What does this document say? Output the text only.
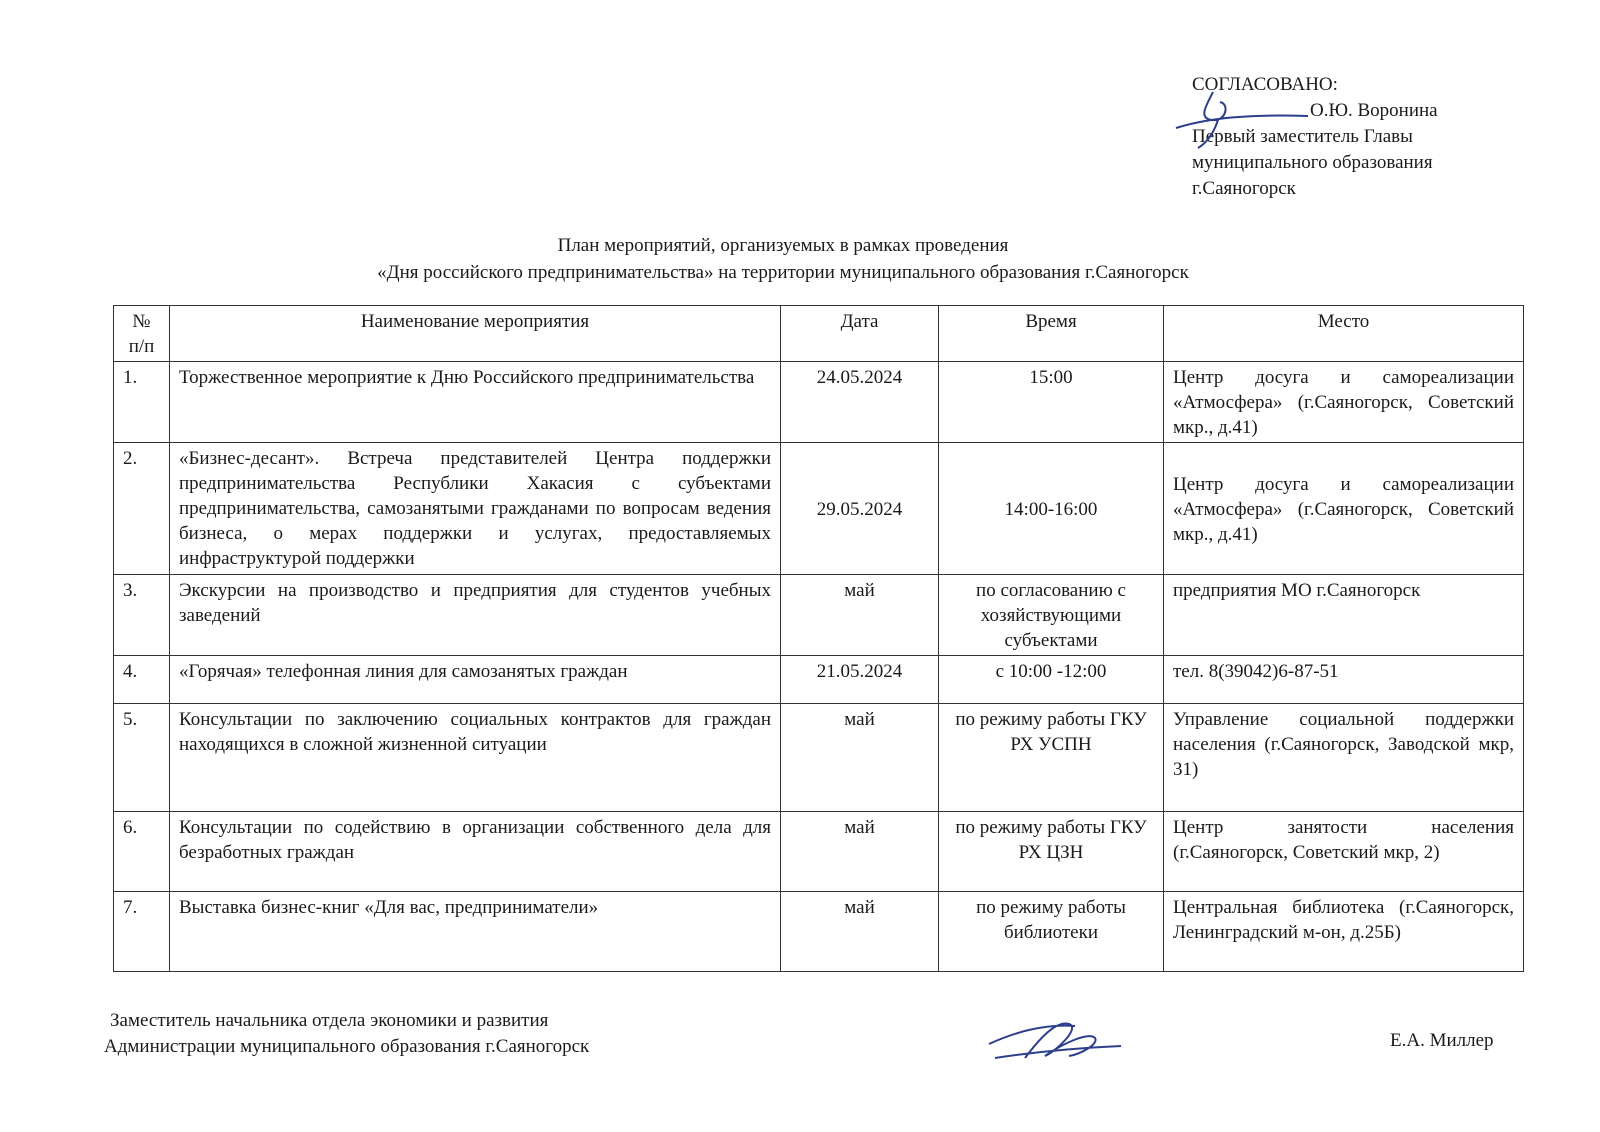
СОГЛАСОВАНО:
О.Ю. Воронина
Первый заместитель Главы
муниципального образования
г.Саяногорск
План мероприятий, организуемых в рамках проведения
«Дня российского предпринимательства» на территории муниципального образования г.Саяногорск
№ п/п	Наименование мероприятия	Дата	Время	Место
1.	Торжественное мероприятие к Дню Российского предпринимательства	24.05.2024	15:00	Центр досуга и самореализации «Атмосфера» (г.Саяногорск, Советский мкр., д.41)
2.	«Бизнес-десант». Встреча представителей Центра поддержки предпринимательства Республики Хакасия с субъектами предпринимательства, самозанятыми гражданами по вопросам ведения бизнеса, о мерах поддержки и услугах, предоставляемых инфраструктурой поддержки	29.05.2024	14:00-16:00	Центр досуга и самореализации «Атмосфера» (г.Саяногорск, Советский мкр., д.41)
3.	Экскурсии на производство и предприятия для студентов учебных заведений	май	по согласованию с хозяйствующими субъектами	предприятия МО г.Саяногорск
4.	«Горячая» телефонная линия для самозанятых граждан	21.05.2024	с 10:00 -12:00	тел. 8(39042)6-87-51
5.	Консультации по заключению социальных контрактов для граждан находящихся в сложной жизненной ситуации	май	по режиму работы ГКУ РХ УСПН	Управление социальной поддержки населения (г.Саяногорск, Заводской мкр, 31)
6.	Консультации по содействию в организации собственного дела для безработных граждан	май	по режиму работы ГКУ РХ ЦЗН	Центр занятости населения (г.Саяногорск, Советский мкр, 2)
7.	Выставка бизнес-книг «Для вас, предприниматели»	май	по режиму работы библиотеки	Центральная библиотека (г.Саяногорск, Ленинградский м-он, д.25Б)
Заместитель начальника отдела экономики и развития
Администрации муниципального образования г.Саяногорск	Е.А. Миллер
